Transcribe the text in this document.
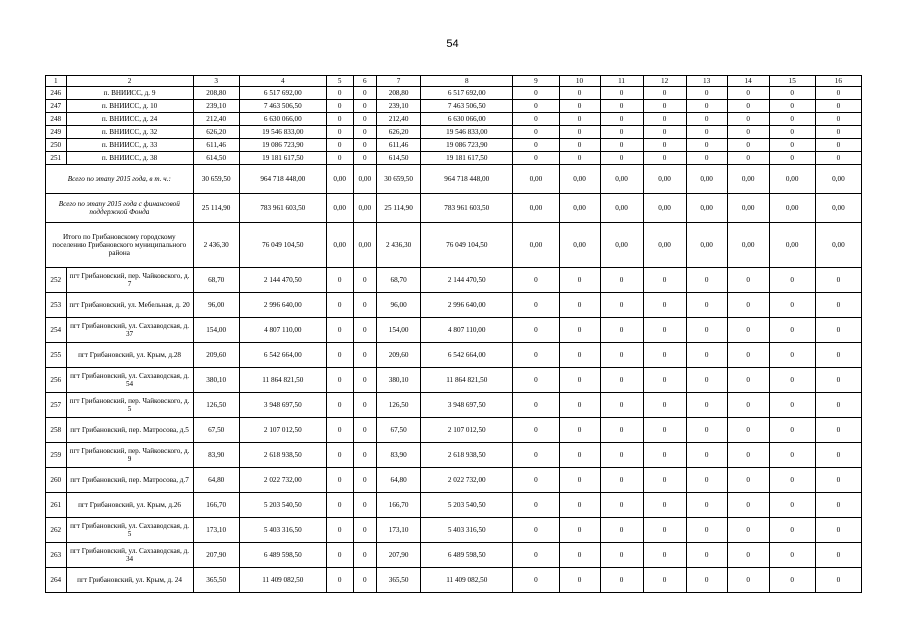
54
1	2	3	4	5	6	7	8	9	10	11	12	13	14	15	16
246	п. ВНИИСС, д. 9	208,80	6 517 692,00	0	0	208,80	6 517 692,00	0	0	0	0	0	0	0	0
247	п. ВНИИСС, д. 10	239,10	7 463 506,50	0	0	239,10	7 463 506,50	0	0	0	0	0	0	0	0
248	п. ВНИИСС, д. 24	212,40	6 630 066,00	0	0	212,40	6 630 066,00	0	0	0	0	0	0	0	0
249	п. ВНИИСС, д. 32	626,20	19 546 833,00	0	0	626,20	19 546 833,00	0	0	0	0	0	0	0	0
250	п. ВНИИСС, д. 33	611,46	19 086 723,90	0	0	611,46	19 086 723,90	0	0	0	0	0	0	0	0
251	п. ВНИИСС, д. 38	614,50	19 181 617,50	0	0	614,50	19 181 617,50	0	0	0	0	0	0	0	0
Всего по этапу 2015 года, в т. ч.:		30 659,50	964 718 448,00	0,00	0,00	30 659,50	964 718 448,00	0,00	0,00	0,00	0,00	0,00	0,00	0,00	0,00
Всего по этапу 2015 года с финансовой поддержкой Фонда		25 114,90	783 961 603,50	0,00	0,00	25 114,90	783 961 603,50	0,00	0,00	0,00	0,00	0,00	0,00	0,00	0,00
Итого по Грибановскому городскому поселению Грибановского муниципального района		2 436,30	76 049 104,50	0,00	0,00	2 436,30	76 049 104,50	0,00	0,00	0,00	0,00	0,00	0,00	0,00	0,00
252	пгт Грибановский, пер. Чайковского, д. 7	68,70	2 144 470,50	0	0	68,70	2 144 470,50	0	0	0	0	0	0	0	0
253	пгт Грибановский, ул. Мебельная, д. 20	96,00	2 996 640,00	0	0	96,00	2 996 640,00	0	0	0	0	0	0	0	0
254	пгт Грибановский, ул. Сахзаводская, д. 37	154,00	4 807 110,00	0	0	154,00	4 807 110,00	0	0	0	0	0	0	0	0
255	пгт Грибановский, ул. Крым, д.28	209,60	6 542 664,00	0	0	209,60	6 542 664,00	0	0	0	0	0	0	0	0
256	пгт Грибановский, ул. Сахзаводская, д. 54	380,10	11 864 821,50	0	0	380,10	11 864 821,50	0	0	0	0	0	0	0	0
257	пгт Грибановский, пер. Чайковского, д. 5	126,50	3 948 697,50	0	0	126,50	3 948 697,50	0	0	0	0	0	0	0	0
258	пгт Грибановский, пер. Матросова, д.5	67,50	2 107 012,50	0	0	67,50	2 107 012,50	0	0	0	0	0	0	0	0
259	пгт Грибановский, пер. Чайковского, д. 9	83,90	2 618 938,50	0	0	83,90	2 618 938,50	0	0	0	0	0	0	0	0
260	пгт Грибановский, пер. Матросова, д.7	64,80	2 022 732,00	0	0	64,80	2 022 732,00	0	0	0	0	0	0	0	0
261	пгт Грибановский, ул. Крым, д.26	166,70	5 203 540,50	0	0	166,70	5 203 540,50	0	0	0	0	0	0	0	0
262	пгт Грибановский, ул. Сахзаводская, д. 5	173,10	5 403 316,50	0	0	173,10	5 403 316,50	0	0	0	0	0	0	0	0
263	пгт Грибановский, ул. Сахзаводская, д. 34	207,90	6 489 598,50	0	0	207,90	6 489 598,50	0	0	0	0	0	0	0	0
264	пгт Грибановский, ул. Крым, д. 24	365,50	11 409 082,50	0	0	365,50	11 409 082,50	0	0	0	0	0	0	0	0
